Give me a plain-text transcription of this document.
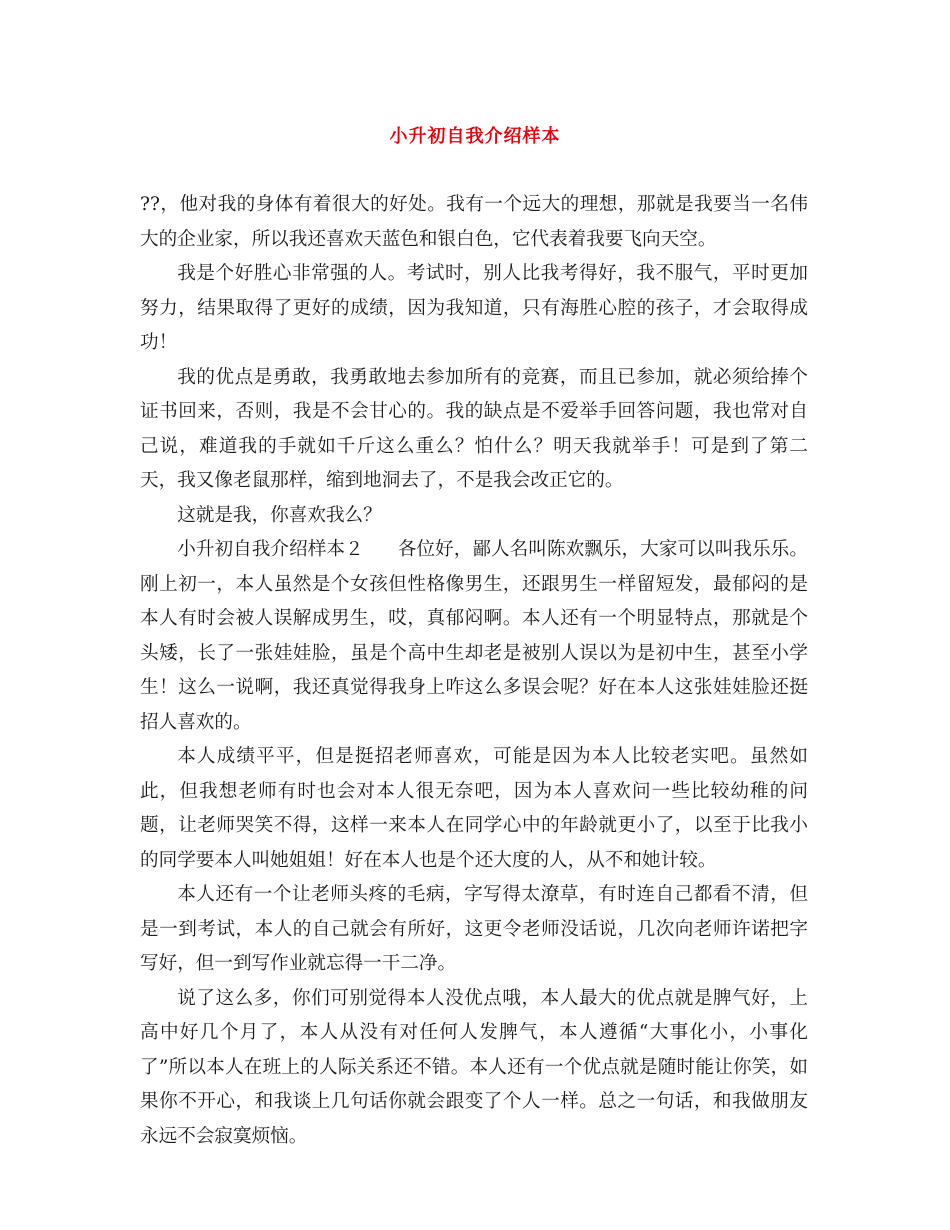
小升初自我介绍样本

??，他对我的身体有着很大的好处。我有一个远大的理想，那就是我要当一名伟大的企业家，所以我还喜欢天蓝色和银白色，它代表着我要飞向天空。

我是个好胜心非常强的人。考试时，别人比我考得好，我不服气，平时更加努力，结果取得了更好的成绩，因为我知道，只有海胜心腔的孩子，才会取得成功！

我的优点是勇敢，我勇敢地去参加所有的竞赛，而且已参加，就必须给捧个证书回来，否则，我是不会甘心的。我的缺点是不爱举手回答问题，我也常对自己说，难道我的手就如千斤这么重么？怕什么？明天我就举手！可是到了第二天，我又像老鼠那样，缩到地洞去了，不是我会改正它的。

这就是我，你喜欢我么？

小升初自我介绍样本２ 各位好，鄙人名叫陈欢飘乐，大家可以叫我乐乐。刚上初一，本人虽然是个女孩但性格像男生，还跟男生一样留短发，最郁闷的是本人有时会被人误解成男生，哎，真郁闷啊。本人还有一个明显特点，那就是个头矮，长了一张娃娃脸，虽是个高中生却老是被别人误以为是初中生，甚至小学生！这么一说啊，我还真觉得我身上咋这么多误会呢？好在本人这张娃娃脸还挺招人喜欢的。

本人成绩平平，但是挺招老师喜欢，可能是因为本人比较老实吧。虽然如此，但我想老师有时也会对本人很无奈吧，因为本人喜欢问一些比较幼稚的问题，让老师哭笑不得，这样一来本人在同学心中的年龄就更小了，以至于比我小的同学要本人叫她姐姐！好在本人也是个还大度的人，从不和她计较。

本人还有一个让老师头疼的毛病，字写得太潦草，有时连自己都看不清，但是一到考试，本人的自己就会有所好，这更令老师没话说，几次向老师许诺把字写好，但一到写作业就忘得一干二净。

说了这么多，你们可别觉得本人没优点哦，本人最大的优点就是脾气好，上高中好几个月了，本人从没有对任何人发脾气，本人遵循“大事化小，小事化了”所以本人在班上的人际关系还不错。本人还有一个优点就是随时能让你笑，如果你不开心，和我谈上几句话你就会跟变了个人一样。总之一句话，和我做朋友永远不会寂寞烦恼。
